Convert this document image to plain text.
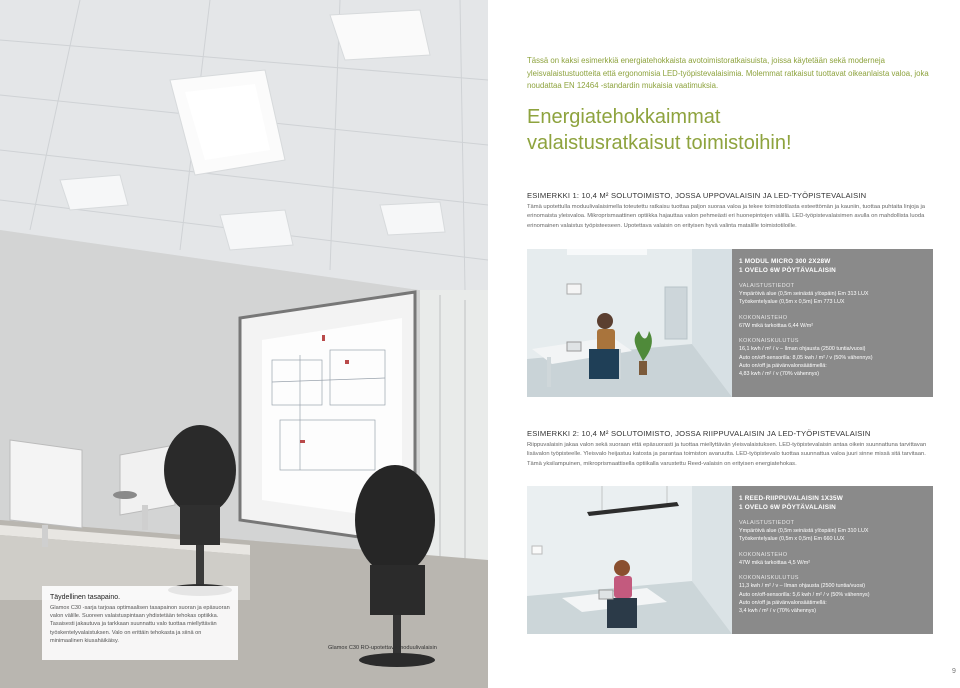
Täydellinen tasapaino.
Glamox C30 -sarja tarjoaa optimaalisen tasapainon suoran ja epäsuoran valon välille. Suoreen valaistuspintaan yhdistetään tehokas optiikka. Tasaisesti jakautuva ja tarkkaan suunnattu valo tuottaa miellyttävän työskentelyvalaistuksen. Valo on erittäin tehokasta ja siinä on minimaalinen kiusahäikäisy.
Glamox C30 RO-upotettava moduulivalaisin
Tässä on kaksi esimerkkiä energiatehokkaista avotoimistoratkaisuista, joissa käytetään sekä moderneja yleisvalaistustuotteita että ergonomisia LED-työpistevalaisimia. Molemmat ratkaisut tuottavat oikeanlaista valoa, joka noudattaa EN 12464 -standardin mukaisia vaatimuksia.
Energiatehokkaimmat
valaistusratkaisut toimistoihin!
ESIMERKKI 1: 10,4 M² SOLUTOIMISTO, JOSSA UPPOVALAISIN JA LED-TYÖPISTEVALAISIN
Tämä upotettulla moduulivalaisimella toteutettu ratkaisu tuottaa paljon suoraa valoa ja tekee toimistotilasta esteettömän ja kauniin, tuottaa puhtaita linjoja ja erinomaista yleisvaloa. Mikroprismaattinen optiikka hajauttaa valon pehmeästi eri huonepintojen välillä. LED-työpistevalaisimen avulla on mahdollista luoda erinomainen valaistus työpisteeseen. Upotettava valaisin on erityisen hyvä valinta matalille toimistotiloille.
1 MODUL MICRO 300 2X28W
1 OVELO 6W PÖYTÄVALAISIN
VALAISTUSTIEDOT
Ympäröivä alue (0,5m seinästä ylöspäin) Em 313 LUX
Työskentelyalue (0,5m x 0,5m) Em 773 LUX
KOKONAISTEHO
67W mikä tarkoittaa 6,44 W/m²
KOKONAISKULUTUS
16,1 kwh / m² / v – Ilman ohjausta (2500 tuntia/vuosi)
Auto on/off-sensorilla: 8,05 kwh / m² / v (50% vähennys)
Auto on/off ja päivänvalonsäätimellä:
4,83 kwh / m² / v (70% vähennys)
ESIMERKKI 2: 10,4 M² SOLUTOIMISTO, JOSSA RIIPPUVALAISIN JA LED-TYÖPISTEVALAISIN
Riippuvalaisin jakaa valon sekä suoraan että epäsuorasti ja tuottaa miellyttävän yleisvalaistuksen. LED-työpistevalaisin antaa oikein suunnattuna tarvittavan lisävalon työpisteelle. Yleisvalo heijastuu katosta ja parantaa toimiston avaruutta. LED-työpistevalo tuottaa suunnattua valoa juuri sinne missä sitä tarvitaan. Tämä yksilampuinen, mikroprismaattisella optiikalla varustettu Reed-valaisin on erityisen energiatehokas.
1 REED-RIIPPUVALAISIN 1X35W
1 OVELO 6W PÖYTÄVALAISIN
VALAISTUSTIEDOT
Ympäröivä alue (0,5m seinästä ylöspäin) Em 310 LUX
Työskentelyalue (0,5m x 0,5m) Em 660 LUX
KOKONAISTEHO
47W mikä tarkoittaa 4,5 W/m²
KOKONAISKULUTUS
11,3 kwh / m² / v – Ilman ohjausta (2500 tuntia/vuosi)
Auto on/off-sensorilla: 5,6 kwh / m² / v (50% vähennys)
Auto on/off ja päivänvalonsäätimellä:
3,4 kwh / m² / v (70% vähennys)
9
